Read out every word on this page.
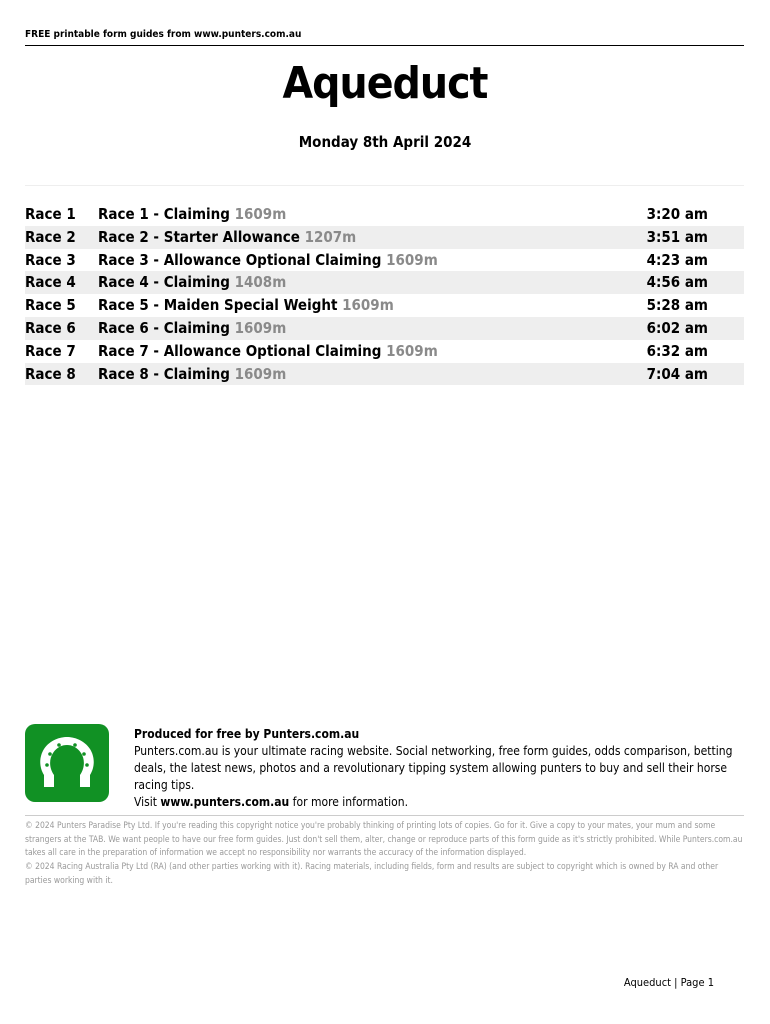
FREE printable form guides from www.punters.com.au
Aqueduct
Monday 8th April 2024
Race 1 Race 1 - Claiming 1609m	3:20 am
Race 2 Race 2 - Starter Allowance 1207m	3:51 am
Race 3 Race 3 - Allowance Optional Claiming 1609m	4:23 am
Race 4 Race 4 - Claiming 1408m	4:56 am
Race 5 Race 5 - Maiden Special Weight 1609m	5:28 am
Race 6 Race 6 - Claiming 1609m	6:02 am
Race 7 Race 7 - Allowance Optional Claiming 1609m	6:32 am
Race 8 Race 8 - Claiming 1609m	7:04 am
Produced for free by Punters.com.au
Punters.com.au is your ultimate racing website. Social networking, free form guides, odds comparison, betting deals, the latest news, photos and a revolutionary tipping system allowing punters to buy and sell their horse racing tips.
Visit www.punters.com.au for more information.
© 2024 Punters Paradise Pty Ltd. If you're reading this copyright notice you're probably thinking of printing lots of copies. Go for it. Give a copy to your mates, your mum and some strangers at the TAB. We want people to have our free form guides. Just don't sell them, alter, change or reproduce parts of this form guide as it's strictly prohibited. While Punters.com.au takes all care in the preparation of information we accept no responsibility nor warrants the accuracy of the information displayed.
© 2024 Racing Australia Pty Ltd (RA) (and other parties working with it). Racing materials, including fields, form and results are subject to copyright which is owned by RA and other parties working with it.
Aqueduct | Page 1
